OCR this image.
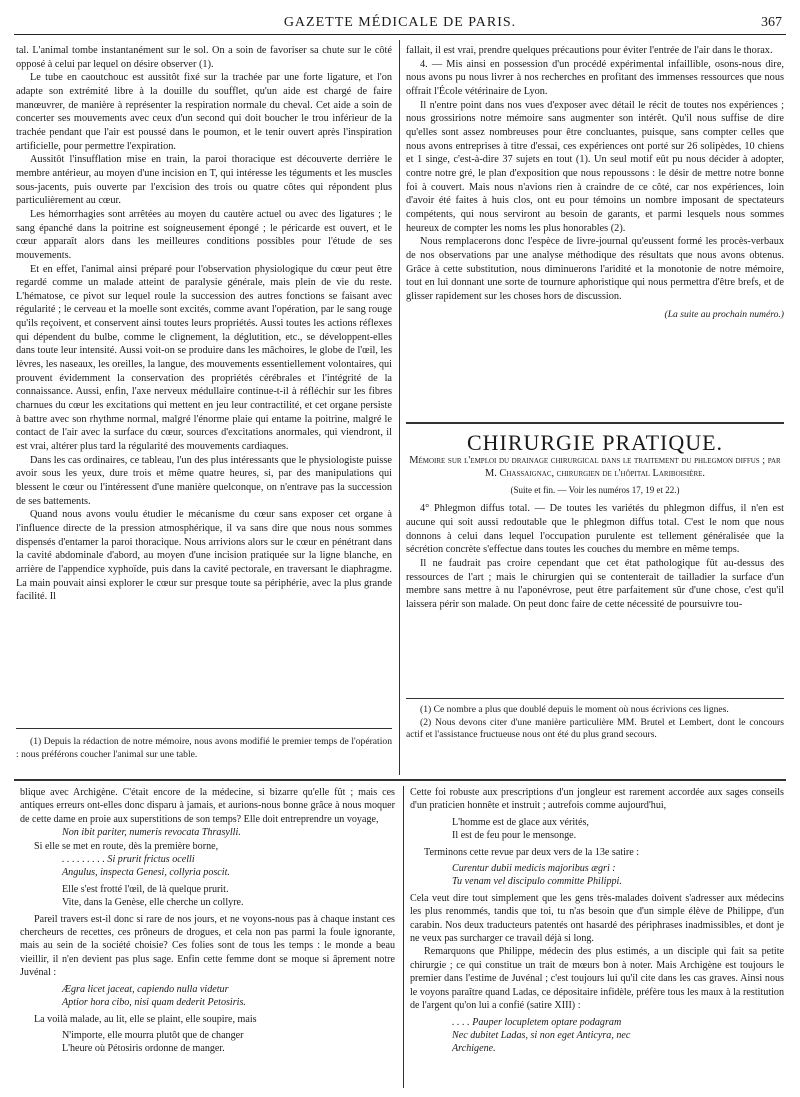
GAZETTE MÉDICALE DE PARIS.	367

tal. L'animal tombe instantanément sur le sol. On a soin de favoriser sa chute sur le côté opposé à celui par lequel on désire observer (1).

Le tube en caoutchouc est aussitôt fixé sur la trachée par une forte ligature, et l'on adapte son extrémité libre à la douille du soufflet, qu'un aide est chargé de faire manœuvrer, de manière à représenter la respiration normale du cheval. Cet aide a soin de concerter ses mouvements avec ceux d'un second qui doit boucher le trou inférieur de la trachée pendant que l'air est poussé dans le poumon, et le tenir ouvert après l'inspiration artificielle, pour permettre l'expiration.

Aussitôt l'insufflation mise en train, la paroi thoracique est découverte derrière le membre antérieur, au moyen d'une incision en T, qui intéresse les téguments et les muscles sous-jacents, puis ouverte par l'excision des trois ou quatre côtes qui répondent plus particulièrement au cœur.

Les hémorrhagies sont arrêtées au moyen du cautère actuel ou avec des ligatures ; le sang épanché dans la poitrine est soigneusement épongé ; le péricarde est ouvert, et le cœur apparaît alors dans les meilleures conditions possibles pour l'étude de ses mouvements.

Et en effet, l'animal ainsi préparé pour l'observation physiologique du cœur peut être regardé comme un malade atteint de paralysie générale, mais plein de vie du reste. L'hématose, ce pivot sur lequel roule la succession des autres fonctions se faisant avec régularité ; le cerveau et la moelle sont excités, comme avant l'opération, par le sang rouge qu'ils reçoivent, et conservent ainsi toutes leurs propriétés. Aussi toutes les actions réflexes qui dépendent du bulbe, comme le clignement, la déglutition, etc., se développent-elles dans toute leur intensité. Aussi voit-on se produire dans les mâchoires, le globe de l'œil, les lèvres, les naseaux, les oreilles, la langue, des mouvements essentiellement volontaires, qui prouvent évidemment la conservation des propriétés cérébrales et l'intégrité de la connaissance. Aussi, enfin, l'axe nerveux médullaire continue-t-il à réfléchir sur les fibres charnues du cœur les excitations qui mettent en jeu leur contractilité, et cet organe persiste à battre avec son rhythme normal, malgré l'énorme plaie qui entame la poitrine, malgré le contact de l'air avec la surface du cœur, sources d'excitations anormales, qui viendront, il est vrai, altérer plus tard la régularité des mouvements cardiaques.

Dans les cas ordinaires, ce tableau, l'un des plus intéressants que le physiologiste puisse avoir sous les yeux, dure trois et même quatre heures, si, par des manipulations qui blessent le cœur ou l'intéressent d'une manière quelconque, on n'entrave pas la succession de ses battements.

Quand nous avons voulu étudier le mécanisme du cœur sans exposer cet organe à l'influence directe de la pression atmosphérique, il va sans dire que nous nous sommes dispensés d'entamer la paroi thoracique. Nous arrivions alors sur le cœur en pénétrant dans la cavité abdominale d'abord, au moyen d'une incision pratiquée sur la ligne blanche, en arrière de l'appendice xyphoïde, puis dans la cavité pectorale, en traversant le diaphragme. La main pouvait ainsi explorer le cœur sur presque toute sa périphérie, avec la plus grande facilité. Il

(1) Depuis la rédaction de notre mémoire, nous avons modifié le premier temps de l'opération : nous préférons coucher l'animal sur une table.

fallait, il est vrai, prendre quelques précautions pour éviter l'entrée de l'air dans le thorax.

4. — Mis ainsi en possession d'un procédé expérimental infaillible, osons-nous dire, nous avons pu nous livrer à nos recherches en profitant des immenses ressources que nous offrait l'École vétérinaire de Lyon.

Il n'entre point dans nos vues d'exposer avec détail le récit de toutes nos expériences ; nous grossirions notre mémoire sans augmenter son intérêt. Qu'il nous suffise de dire qu'elles sont assez nombreuses pour être concluantes, puisque, sans compter celles que nous avons entreprises à titre d'essai, ces expériences ont porté sur 26 solipèdes, 10 chiens et 1 singe, c'est-à-dire 37 sujets en tout (1). Un seul motif eût pu nous décider à adopter, contre notre gré, le plan d'exposition que nous repoussons : le désir de mettre notre bonne foi à couvert. Mais nous n'avions rien à craindre de ce côté, car nos expériences, loin d'avoir été faites à huis clos, ont eu pour témoins un nombre imposant de spectateurs compétents, qui nous serviront au besoin de garants, et parmi lesquels nous sommes heureux de compter les noms les plus honorables (2).

Nous remplacerons donc l'espèce de livre-journal qu'eussent formé les procès-verbaux de nos observations par une analyse méthodique des résultats que nous avons obtenus. Grâce à cette substitution, nous diminuerons l'aridité et la monotonie de notre mémoire, tout en lui donnant une sorte de tournure aphoristique qui nous permettra d'être brefs, et de glisser rapidement sur les choses hors de discussion.

(La suite au prochain numéro.)
CHIRURGIE PRATIQUE.
Mémoire sur l'emploi du drainage chirurgical dans le traitement du phlegmon diffus ; par M. Chassaignac, chirurgien de l'hôpital Lariboisière.
(Suite et fin. — Voir les numéros 17, 19 et 22.)

4° Phlegmon diffus total. — De toutes les variétés du phlegmon diffus, il n'en est aucune qui soit aussi redoutable que le phlegmon diffus total. C'est le nom que nous donnons à celui dans lequel l'occupation purulente est tellement généralisée que la sécrétion concrète s'effectue dans toutes les couches du membre en même temps.

Il ne faudrait pas croire cependant que cet état pathologique fût au-dessus des ressources de l'art ; mais le chirurgien qui se contenterait de tailladier la surface d'un membre sans mettre à nu l'aponévrose, peut être parfaitement sûr d'une chose, c'est qu'il laissera périr son malade. On peut donc faire de cette nécessité de poursuivre tou-

(1) Ce nombre a plus que doublé depuis le moment où nous écrivions ces lignes.

(2) Nous devons citer d'une manière particulière MM. Brutel et Lembert, dont le concours actif et l'assistance fructueuse nous ont été du plus grand secours.

blique avec Archigène. C'était encore de la médecine, si bizarre qu'elle fût ; mais ces antiques erreurs ont-elles donc disparu à jamais, et aurions-nous bonne grâce à nous moquer de cette dame en proie aux superstitions de son temps? Elle doit entreprendre un voyage,

Non ibit pariter, numeris revocata Thrasylli.

Si elle se met en route, dès la première borne,

. . . . . . . . . Si prurit frictus ocelli

Angulus, inspecta Genesi, collyria poscit.

Elle s'est frotté l'œil, de là quelque prurit.

Vite, dans la Genèse, elle cherche un collyre.

Pareil travers est-il donc si rare de nos jours, et ne voyons-nous pas à chaque instant ces chercheurs de recettes, ces prôneurs de drogues, et cela non pas parmi la foule ignorante, mais au sein de la société choisie? Ces folies sont de tous les temps : le monde a beau vieillir, il n'en devient pas plus sage. Enfin cette femme dont se moque si âprement notre Juvénal :

Ægra licet jaceat, capiendo nulla videtur

Aptior hora cibo, nisi quam dederit Petosiris.

La voilà malade, au lit, elle se plaint, elle soupire, mais

N'importe, elle mourra plutôt que de changer

L'heure où Pétosiris ordonne de manger.

Cette foi robuste aux prescriptions d'un jongleur est rarement accordée aux sages conseils d'un praticien honnête et instruit ; autrefois comme aujourd'hui,

L'homme est de glace aux vérités,

Il est de feu pour le mensonge.

Terminons cette revue par deux vers de la 13e satire :

Curentur dubii medicis majoribus ægri :

Tu venam vel discipulo committe Philippi.

Cela veut dire tout simplement que les gens très-malades doivent s'adresser aux médecins les plus renommés, tandis que toi, tu n'as besoin que d'un simple élève de Philippe, d'un carabin. Nos deux traducteurs patentés ont hasardé des périphrases inadmissibles, et dont je ne veux pas surcharger ce travail déjà si long.

Remarquons que Philippe, médecin des plus estimés, a un disciple qui fait sa petite chirurgie ; ce qui constitue un trait de mœurs bon à noter. Mais Archigène est toujours le premier dans l'estime de Juvénal ; c'est toujours lui qu'il cite dans les cas graves. Ainsi nous le voyons paraître quand Ladas, ce dépositaire infidèle, préfère tous les maux à la restitution de l'argent qu'on lui a confié (satire XIII) :

. . . . Pauper locupletem optare podagram

Nec dubitet Ladas, si non eget Anticyra, nec

Archigene.
